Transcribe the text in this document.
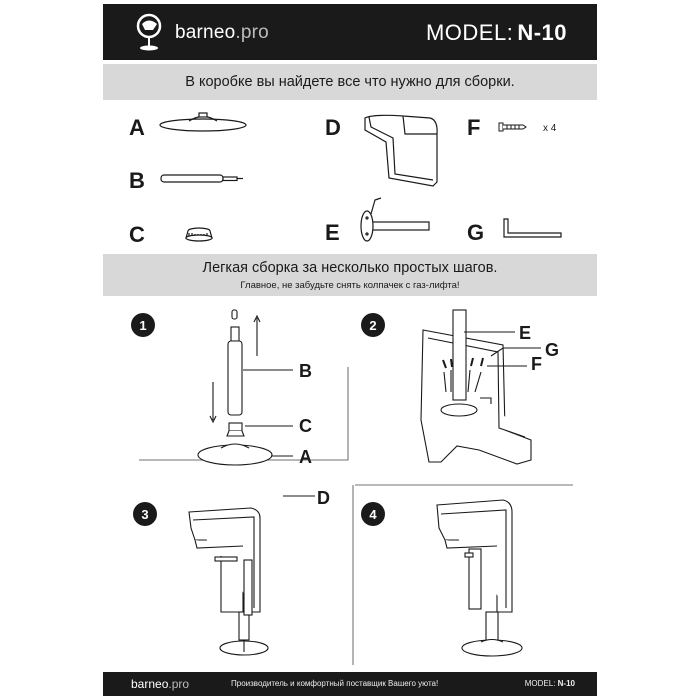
barneo.pro	MODEL: N-10
В коробке вы найдете все что нужно для сборки.
Легкая сборка за несколько простых шагов.
Главное, не забудьте снять колпачек с газ-лифта!
A
B
C
D
E
F	x 4
G
1	2
3	4
B
C
A
E
G
F
D
barneo.pro	Производитель и комфортный поставщик Вашего уюта!	MODEL: N-10
